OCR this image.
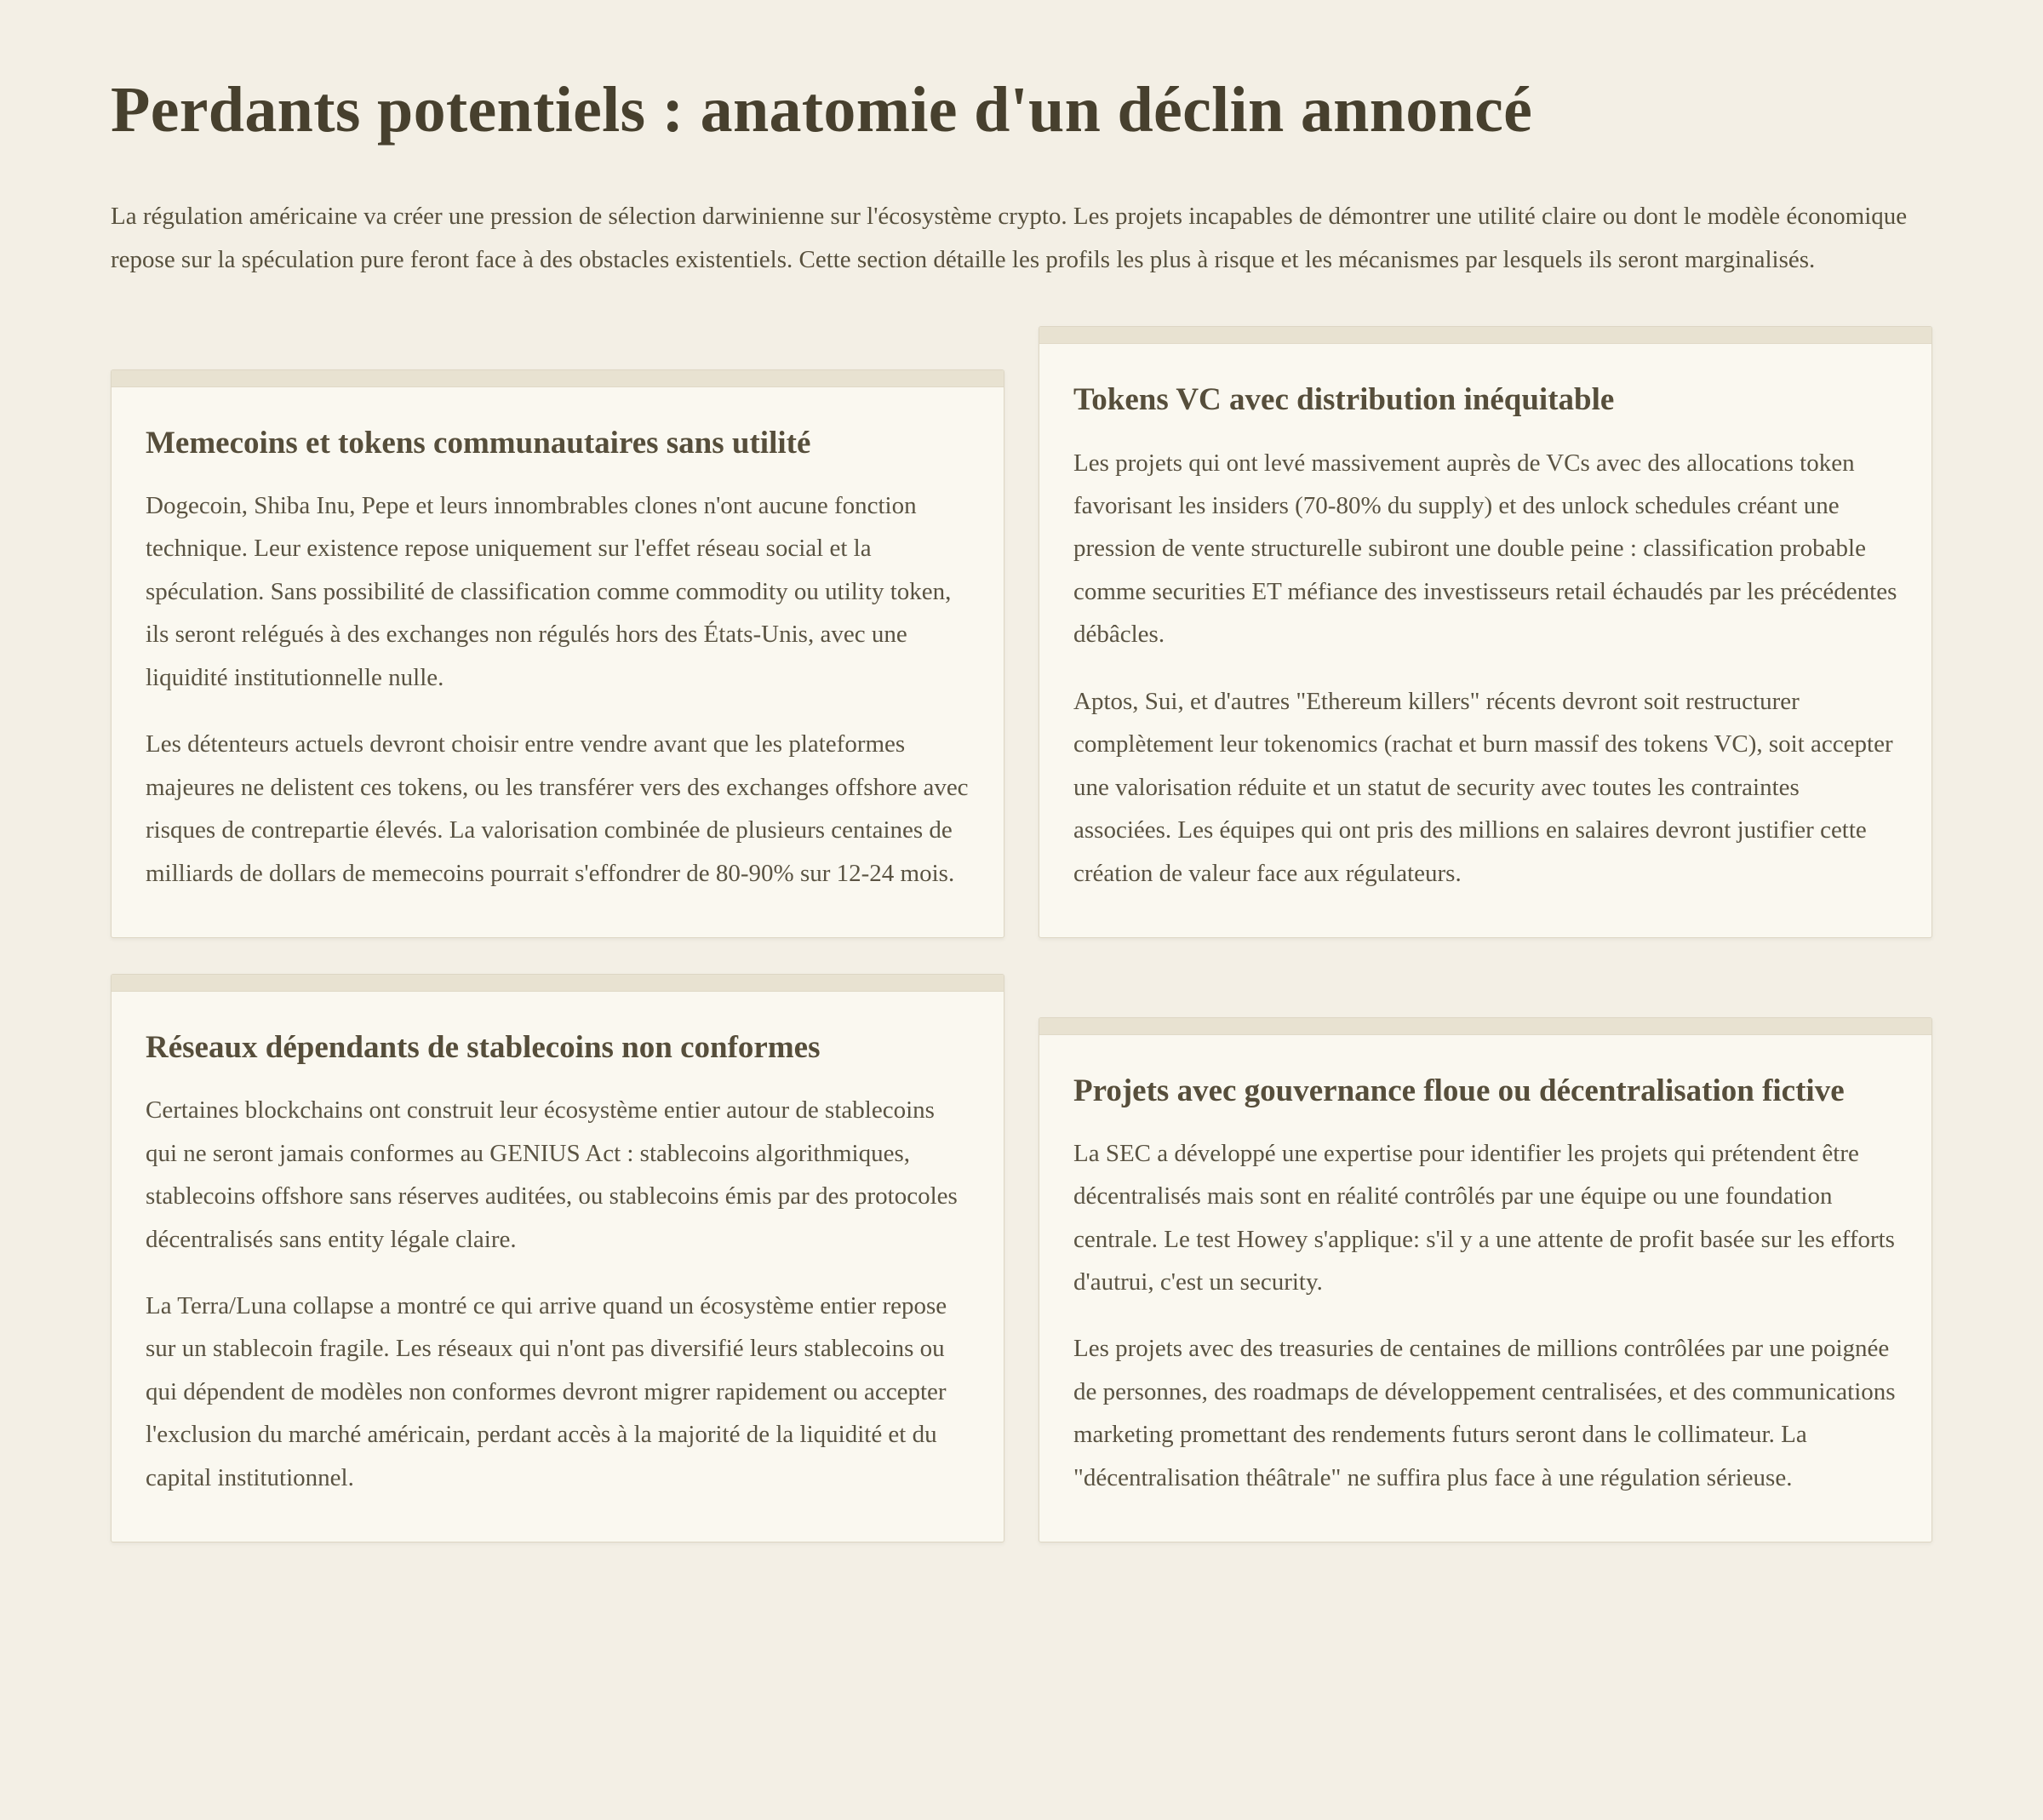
Perdants potentiels : anatomie d'un déclin annoncé

La régulation américaine va créer une pression de sélection darwinienne sur l'écosystème crypto. Les projets incapables de démontrer une utilité claire ou dont le modèle économique repose sur la spéculation pure feront face à des obstacles existentiels. Cette section détaille les profils les plus à risque et les mécanismes par lesquels ils seront marginalisés.

Memecoins et tokens communautaires sans utilité

Dogecoin, Shiba Inu, Pepe et leurs innombrables clones n'ont aucune fonction technique. Leur existence repose uniquement sur l'effet réseau social et la spéculation. Sans possibilité de classification comme commodity ou utility token, ils seront relégués à des exchanges non régulés hors des États-Unis, avec une liquidité institutionnelle nulle.

Les détenteurs actuels devront choisir entre vendre avant que les plateformes majeures ne delistent ces tokens, ou les transférer vers des exchanges offshore avec risques de contrepartie élevés. La valorisation combinée de plusieurs centaines de milliards de dollars de memecoins pourrait s'effondrer de 80-90% sur 12-24 mois.

Tokens VC avec distribution inéquitable

Les projets qui ont levé massivement auprès de VCs avec des allocations token favorisant les insiders (70-80% du supply) et des unlock schedules créant une pression de vente structurelle subiront une double peine : classification probable comme securities ET méfiance des investisseurs retail échaudés par les précédentes débâcles.

Aptos, Sui, et d'autres "Ethereum killers" récents devront soit restructurer complètement leur tokenomics (rachat et burn massif des tokens VC), soit accepter une valorisation réduite et un statut de security avec toutes les contraintes associées. Les équipes qui ont pris des millions en salaires devront justifier cette création de valeur face aux régulateurs.

Réseaux dépendants de stablecoins non conformes

Certaines blockchains ont construit leur écosystème entier autour de stablecoins qui ne seront jamais conformes au GENIUS Act : stablecoins algorithmiques, stablecoins offshore sans réserves auditées, ou stablecoins émis par des protocoles décentralisés sans entity légale claire.

La Terra/Luna collapse a montré ce qui arrive quand un écosystème entier repose sur un stablecoin fragile. Les réseaux qui n'ont pas diversifié leurs stablecoins ou qui dépendent de modèles non conformes devront migrer rapidement ou accepter l'exclusion du marché américain, perdant accès à la majorité de la liquidité et du capital institutionnel.

Projets avec gouvernance floue ou décentralisation fictive

La SEC a développé une expertise pour identifier les projets qui prétendent être décentralisés mais sont en réalité contrôlés par une équipe ou une foundation centrale. Le test Howey s'applique: s'il y a une attente de profit basée sur les efforts d'autrui, c'est un security.

Les projets avec des treasuries de centaines de millions contrôlées par une poignée de personnes, des roadmaps de développement centralisées, et des communications marketing promettant des rendements futurs seront dans le collimateur. La "décentralisation théâtrale" ne suffira plus face à une régulation sérieuse.
